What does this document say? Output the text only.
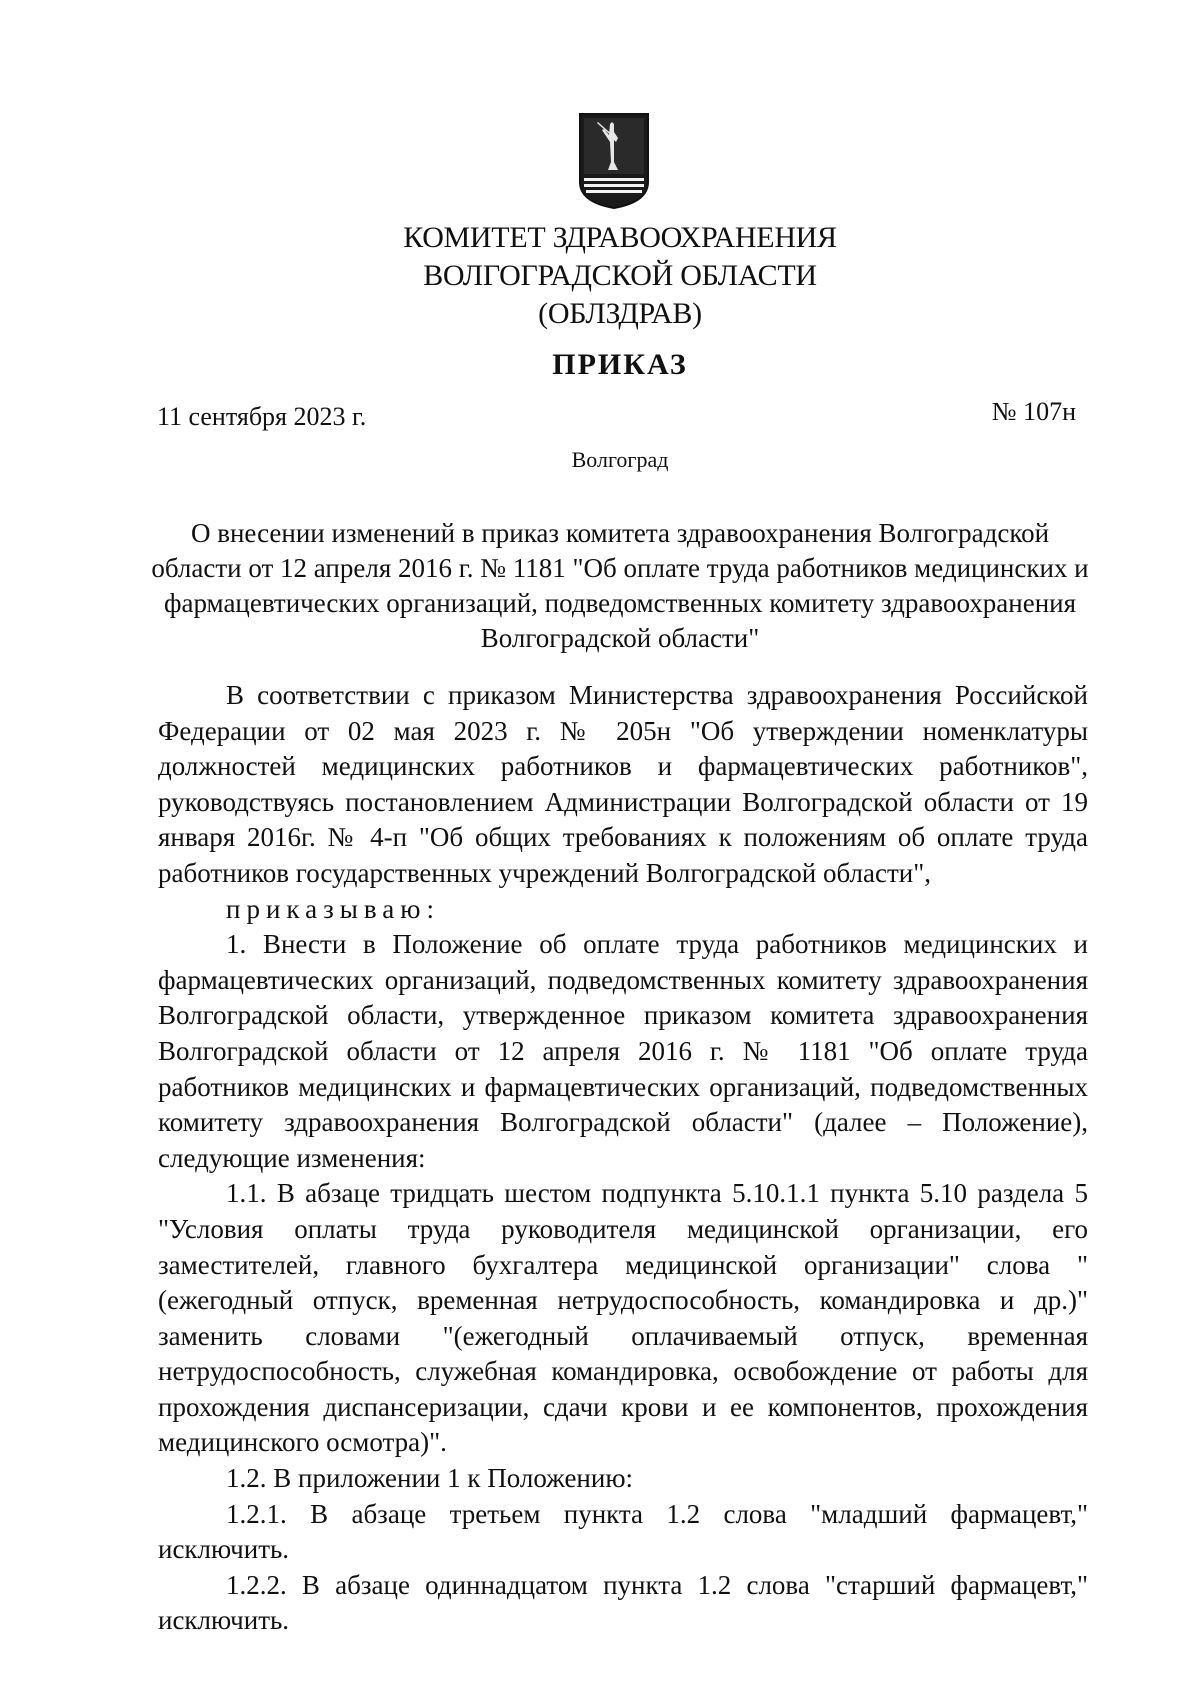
КОМИТЕТ ЗДРАВООХРАНЕНИЯ
ВОЛГОГРАДСКОЙ ОБЛАСТИ
(ОБЛЗДРАВ)
ПРИКАЗ
11 сентября 2023 г.	№ 107н
Волгоград
О внесении изменений в приказ комитета здравоохранения Волгоградской области от 12 апреля 2016 г. № 1181 "Об оплате труда работников медицинских и фармацевтических организаций, подведомственных комитету здравоохранения Волгоградской области"

В соответствии с приказом Министерства здравоохранения Российской Федерации от 02 мая 2023 г. № 205н "Об утверждении номенклатуры должностей медицинских работников и фармацевтических работников", руководствуясь постановлением Администрации Волгоградской области от 19 января 2016г. № 4-п "Об общих требованиях к положениям об оплате труда работников государственных учреждений Волгоградской области",

приказываю:

1. Внести в Положение об оплате труда работников медицинских и фармацевтических организаций, подведомственных комитету здравоохранения Волгоградской области, утвержденное приказом комитета здравоохранения Волгоградской области от 12 апреля 2016 г. № 1181 "Об оплате труда работников медицинских и фармацевтических организаций, подведомственных комитету здравоохранения Волгоградской области" (далее – Положение), следующие изменения:

1.1. В абзаце тридцать шестом подпункта 5.10.1.1 пункта 5.10 раздела 5 "Условия оплаты труда руководителя медицинской организации, его заместителей, главного бухгалтера медицинской организации" слова "(ежегодный отпуск, временная нетрудоспособность, командировка и др.)" заменить словами "(ежегодный оплачиваемый отпуск, временная нетрудоспособность, служебная командировка, освобождение от работы для прохождения диспансеризации, сдачи крови и ее компонентов, прохождения медицинского осмотра)".

1.2. В приложении 1 к Положению:

1.2.1. В абзаце третьем пункта 1.2 слова "младший фармацевт," исключить.

1.2.2. В абзаце одиннадцатом пункта 1.2 слова "старший фармацевт," исключить.
